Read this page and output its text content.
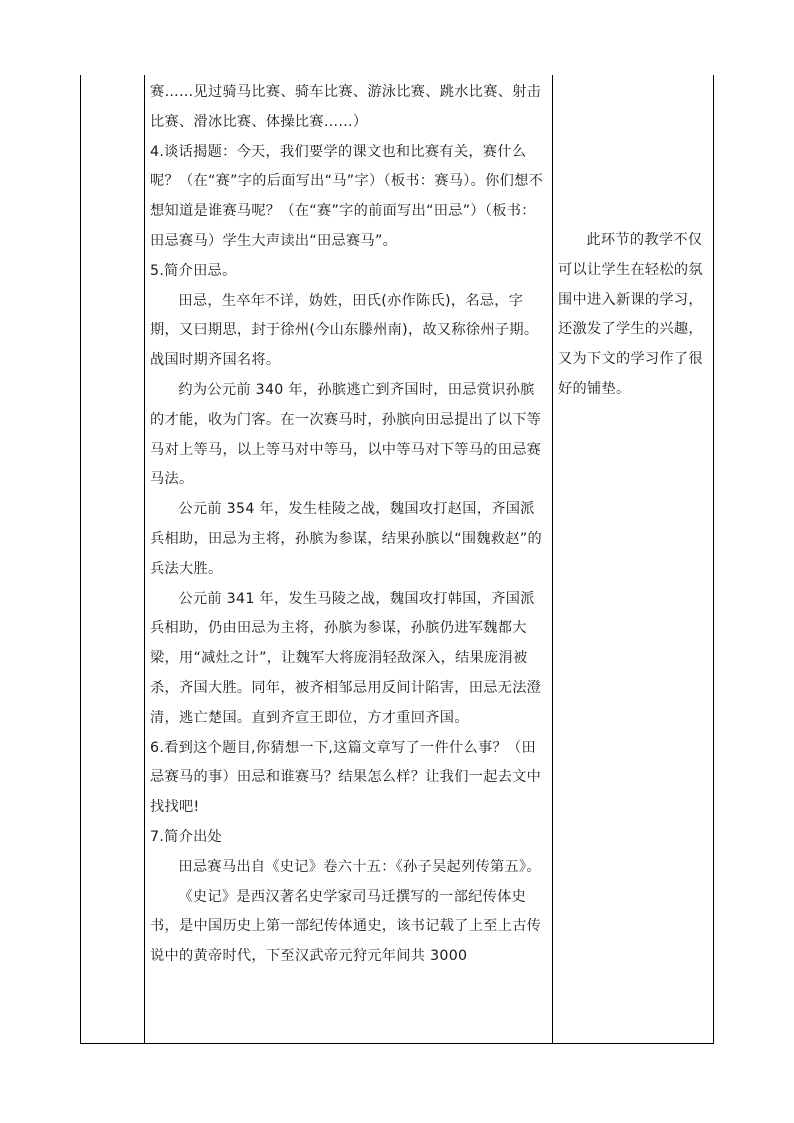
赛……见过骑马比赛、骑车比赛、游泳比赛、跳水比赛、射击比赛、滑冰比赛、体操比赛……）

4.谈话揭题：今天，我们要学的课文也和比赛有关，赛什么呢？（在“赛”字的后面写出“马”字）（板书：赛马）。你们想不想知道是谁赛马呢？（在“赛”字的前面写出“田忌”）（板书：田忌赛马）学生大声读出“田忌赛马”。

5.简介田忌。

田忌，生卒年不详，妫姓，田氏(亦作陈氏)，名忌，字期，又曰期思，封于徐州(今山东滕州南)，故又称徐州子期。战国时期齐国名将。

约为公元前 340 年，孙膑逃亡到齐国时，田忌赏识孙膑的才能，收为门客。在一次赛马时，孙膑向田忌提出了以下等马对上等马，以上等马对中等马，以中等马对下等马的田忌赛马法。

公元前 354 年，发生桂陵之战，魏国攻打赵国，齐国派兵相助，田忌为主将，孙膑为参谋，结果孙膑以“围魏救赵”的兵法大胜。

公元前 341 年，发生马陵之战，魏国攻打韩国，齐国派兵相助，仍由田忌为主将，孙膑为参谋，孙膑仍进军魏都大梁，用“减灶之计”，让魏军大将庞涓轻敌深入，结果庞涓被杀，齐国大胜。同年，被齐相邹忌用反间计陷害，田忌无法澄清，逃亡楚国。直到齐宣王即位，方才重回齐国。

6.看到这个题目,你猜想一下,这篇文章写了一件什么事？（田忌赛马的事）田忌和谁赛马？结果怎么样？让我们一起去文中找找吧!

7.简介出处

田忌赛马出自《史记》卷六十五：《孙子吴起列传第五》。

《史记》是西汉著名史学家司马迁撰写的一部纪传体史书，是中国历史上第一部纪传体通史，该书记载了上至上古传说中的黄帝时代，下至汉武帝元狩元年间共 3000

此环节的教学不仅可以让学生在轻松的氛围中进入新课的学习，还激发了学生的兴趣，又为下文的学习作了很好的铺垫。
